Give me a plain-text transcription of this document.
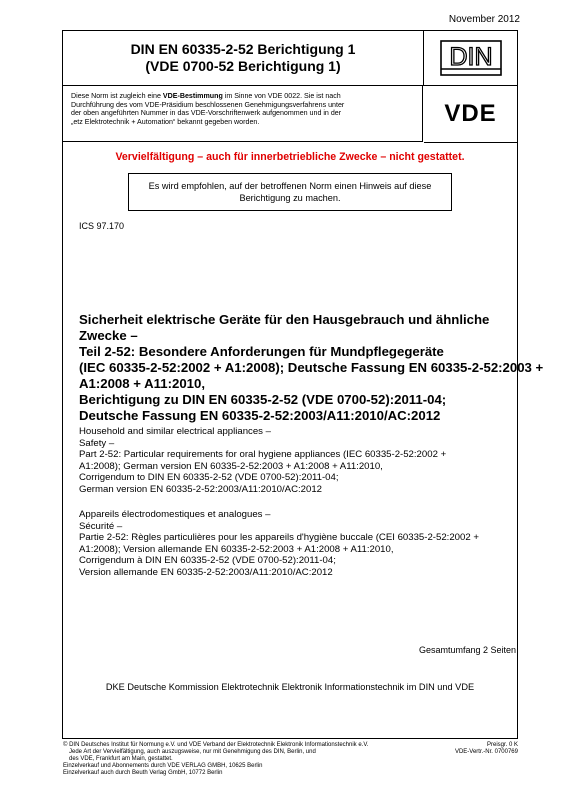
November 2012
DIN EN 60335-2-52 Berichtigung 1
(VDE 0700-52 Berichtigung 1)	DIN
Diese Norm ist zugleich eine VDE-Bestimmung im Sinne von VDE 0022. Sie ist nach
Durchführung des vom VDE-Präsidium beschlossenen Genehmigungsverfahrens unter
der oben angeführten Nummer in das VDE-Vorschriftenwerk aufgenommen und in der
„etz Elektrotechnik + Automation“ bekannt gegeben worden.	VDE
Vervielfältigung – auch für innerbetriebliche Zwecke – nicht gestattet.
Es wird empfohlen, auf der betroffenen Norm einen Hinweis auf diese Berichtigung zu machen.
ICS 97.170
Sicherheit elektrische Geräte für den Hausgebrauch und ähnliche
Zwecke –
Teil 2-52: Besondere Anforderungen für Mundpflegegeräte
(IEC 60335-2-52:2002 + A1:2008); Deutsche Fassung EN 60335-2-52:2003 +
A1:2008 + A11:2010,
Berichtigung zu DIN EN 60335-2-52 (VDE 0700-52):2011-04;
Deutsche Fassung EN 60335-2-52:2003/A11:2010/AC:2012
Household and similar electrical appliances –
Safety –
Part 2-52: Particular requirements for oral hygiene appliances (IEC 60335-2-52:2002 +
A1:2008); German version EN 60335-2-52:2003 + A1:2008 + A11:2010,
Corrigendum to DIN EN 60335-2-52 (VDE 0700-52):2011-04;
German version EN 60335-2-52:2003/A11:2010/AC:2012
Appareils électrodomestiques et analogues –
Sécurité –
Partie 2-52: Règles particulières pour les appareils d'hygiène buccale (CEI 60335-2-52:2002 +
A1:2008); Version allemande EN 60335-2-52:2003 + A1:2008 + A11:2010,
Corrigendum à DIN EN 60335-2-52 (VDE 0700-52):2011-04;
Version allemande EN 60335-2-52:2003/A11:2010/AC:2012
Gesamtumfang 2 Seiten
DKE Deutsche Kommission Elektrotechnik Elektronik Informationstechnik im DIN und VDE
© DIN Deutsches Institut für Normung e.V. und VDE Verband der Elektrotechnik Elektronik Informationstechnik e.V.
Jede Art der Vervielfältigung, auch auszugsweise, nur mit Genehmigung des DIN, Berlin, und
des VDE, Frankfurt am Main, gestattet.
Einzelverkauf und Abonnements durch VDE VERLAG GMBH, 10625 Berlin
Einzelverkauf auch durch Beuth Verlag GmbH, 10772 Berlin
Preisgr. 0 K
VDE-Vertr.-Nr. 0700769
